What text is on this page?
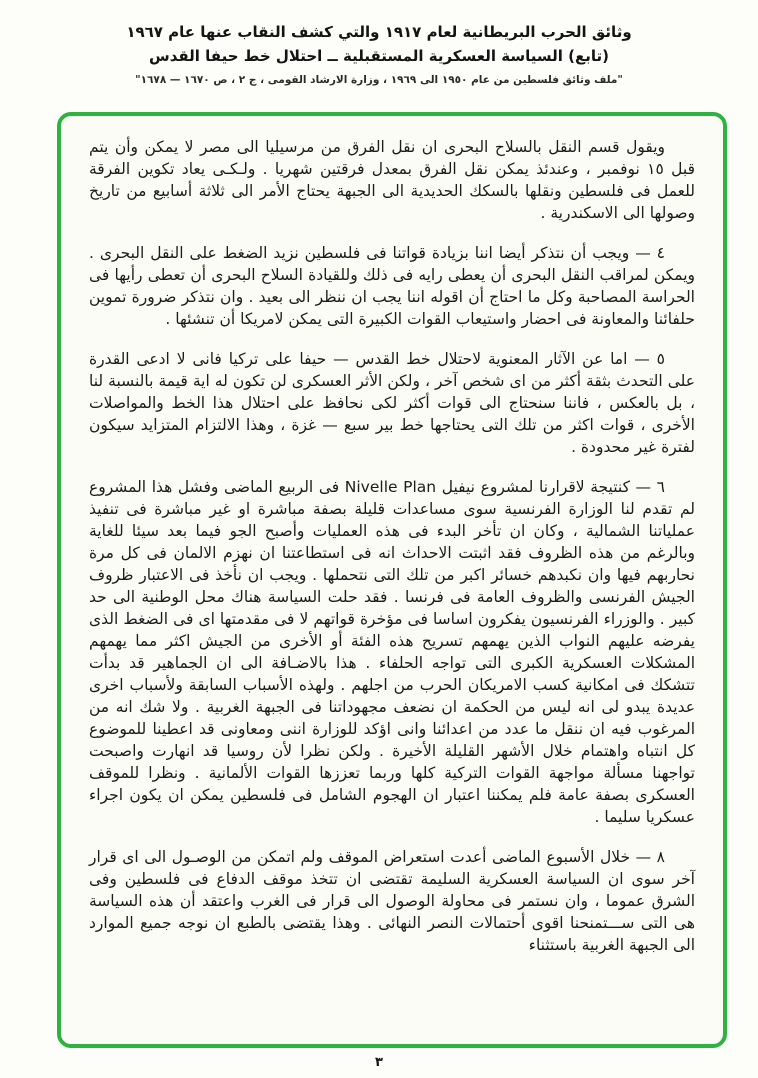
وثائق الحرب البريطانية لعام ١٩١٧ والتي كشف النقاب عنها عام ١٩٦٧
(تابع) السياسة العسكرية المستقبلية ــ احتلال خط حيفا القدس
"ملف وثائق فلسطين من عام ١٩٥٠ الى ١٩٦٩ ، وزارة الارشاد القومى ، ج ٢ ، ص ١٦٧٠ — ١٦٧٨"

ويقول قسم النقل بالسلاح البحرى ان نقل الفرق من مرسيليا الى مصر لا يمكن وأن يتم قبل ١٥ نوفمبر ، وعندئذ يمكن نقل الفرق بمعدل فرقتين شهريا . ولـكـى يعاد تكوين الفرقة للعمل فى فلسطين ونقلها بالسكك الحديدية الى الجبهة يحتاج الأمر الى ثلاثة أسابيع من تاريخ وصولها الى الاسكندرية .

٤ — ويجب أن نتذكر أيضا اننا بزيادة قواتنا فى فلسطين نزيد الضغط على النقل البحرى . ويمكن لمراقب النقل البحرى أن يعطى رايه فى ذلك وللقيادة السلاح البحرى أن تعطى رأيها فى الحراسة المصاحبة وكل ما احتاج أن اقوله اننا يجب ان ننظر الى بعيد . وان نتذكر ضرورة تموين حلفائنا والمعاونة فى احضار واستيعاب القوات الكبيرة التى يمكن لامريكا أن تنشئها .

٥ — اما عن الآثار المعنوية لاحتلال خط القدس — حيفا على تركيا فانى لا ادعى القدرة على التحدث بثقة أكثر من اى شخص آخر ، ولكن الأثر العسكرى لن تكون له اية قيمة بالنسبة لنا ، بل بالعكس ، فاننا سنحتاج الى قوات أكثر لكى نحافظ على احتلال هذا الخط والمواصلات الأخرى ، قوات اكثر من تلك التى يحتاجها خط بير سبع — غزة ، وهذا الالتزام المتزايد سيكون لفترة غير محدودة .

٦ — كنتيجة لاقرارنا لمشروع نيفيل Nivelle Plan فى الربيع الماضى وفشل هذا المشروع لم تقدم لنا الوزارة الفرنسية سوى مساعدات قليلة بصفة مباشرة او غير مباشرة فى تنفيذ عملياتنا الشمالية ، وكان ان تأخر البدء فى هذه العمليات وأصبح الجو فيما بعد سيئا للغاية وبالرغم من هذه الظروف فقد اثبتت الاحداث انه فى استطاعتنا ان نهزم الالمان فى كل مرة نحاربهم فيها وان نكبدهم خسائر اكبر من تلك التى نتحملها . ويجب ان نأخذ فى الاعتبار ظروف الجيش الفرنسى والظروف العامة فى فرنسا . فقد حلت السياسة هناك محل الوطنية الى حد كبير . والوزراء الفرنسيون يفكرون اساسا فى مؤخرة قواتهم لا فى مقدمتها اى فى الضغط الذى يفرضه عليهم النواب الذين يهمهم تسريح هذه الفئة أو الأخرى من الجيش اكثر مما يهمهم المشكلات العسكرية الكبرى التى تواجه الحلفاء . هذا بالاضـافة الى ان الجماهير قد بدأت تتشكك فى امكانية كسب الامريكان الحرب من اجلهم . ولهذه الأسباب السابقة ولأسباب اخرى عديدة يبدو لى انه ليس من الحكمة ان نضعف مجهوداتنا فى الجبهة الغربية . ولا شك انه من المرغوب فيه ان ننقل ما عدد من اعدائنا وانى اؤكد للوزارة اننى ومعاونى قد اعطينا للموضوع كل انتباه واهتمام خلال الأشهر القليلة الأخيرة . ولكن نظرا لأن روسيا قد انهارت واصبحت تواجهنا مسألة مواجهة القوات التركية كلها وربما تعززها القوات الألمانية . ونظرا للموقف العسكرى بصفة عامة فلم يمكننا اعتبار ان الهجوم الشامل فى فلسطين يمكن ان يكون اجراء عسكريا سليما .

٨ — خلال الأسبوع الماضى أعدت استعراض الموقف ولم اتمكن من الوصـول الى اى قرار آخر سوى ان السياسة العسكرية السليمة تقتضى ان تتخذ موقف الدفاع فى فلسطين وفى الشرق عموما ، وان نستمر فى محاولة الوصول الى قرار فى الغرب واعتقد أن هذه السياسة هى التى ســـتمنحنا اقوى أحتمالات النصر النهائى . وهذا يقتضى بالطبع ان نوجه جميع الموارد الى الجبهة الغربية باستثناء

٣
